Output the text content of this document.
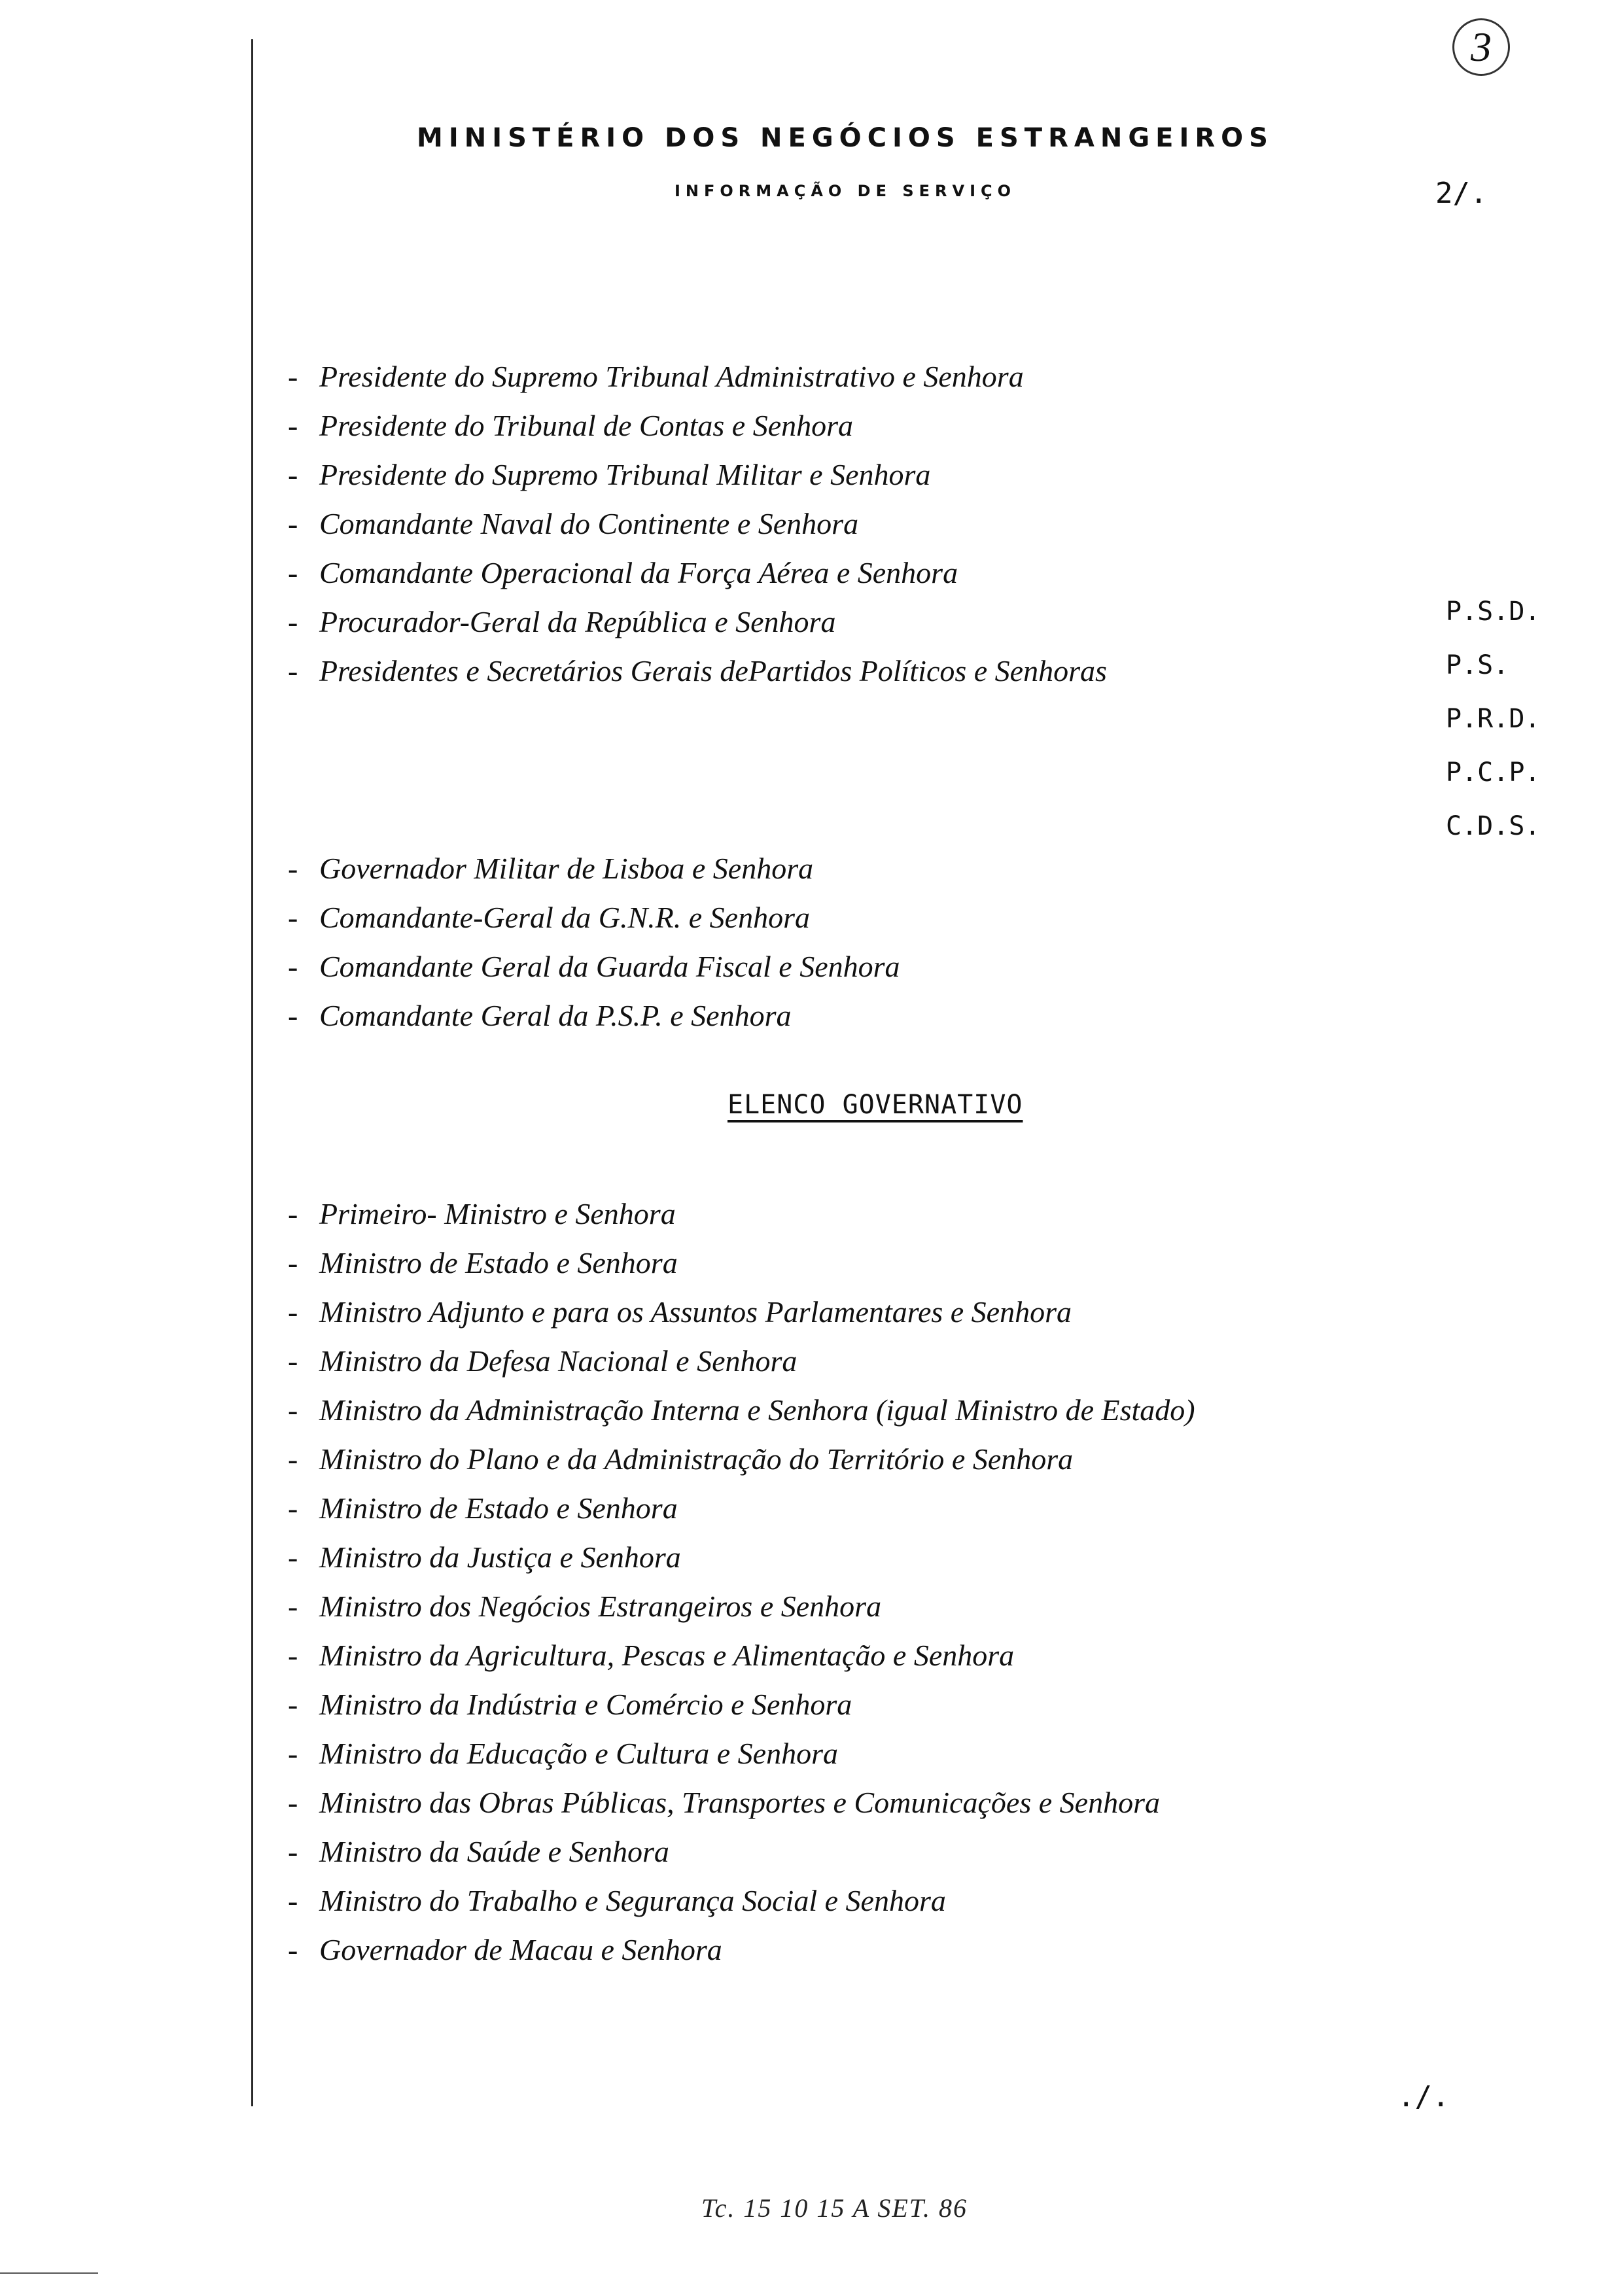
3
MINISTÉRIO DOS NEGÓCIOS ESTRANGEIROS
INFORMAÇÃO DE SERVIÇO	2/.
- Presidente do Supremo Tribunal Administrativo e Senhora
- Presidente do Tribunal de Contas e Senhora
- Presidente do Supremo Tribunal Militar e Senhora
- Comandante Naval do Continente e Senhora
- Comandante Operacional da Força Aérea e Senhora
- Procurador-Geral da República e Senhora
- Presidentes e Secretários Gerais dePartidos Políticos e Senhoras
P.S.D.
P.S.
P.R.D.
P.C.P.
C.D.S.
- Governador Militar de Lisboa e Senhora
- Comandante-Geral da G.N.R. e Senhora
- Comandante Geral da Guarda Fiscal e Senhora
- Comandante Geral da P.S.P. e Senhora
ELENCO GOVERNATIVO
- Primeiro- Ministro e Senhora
- Ministro de Estado e Senhora
- Ministro Adjunto e para os Assuntos Parlamentares e Senhora
- Ministro da Defesa Nacional e Senhora
- Ministro da Administração Interna e Senhora (igual Ministro de Estado)
- Ministro do Plano e da Administração do Território e Senhora
- Ministro de Estado e Senhora
- Ministro da Justiça e Senhora
- Ministro dos Negócios Estrangeiros e Senhora
- Ministro da Agricultura, Pescas e Alimentação e Senhora
- Ministro da Indústria e Comércio e Senhora
- Ministro da Educação e Cultura e Senhora
- Ministro das Obras Públicas, Transportes e Comunicações e Senhora
- Ministro da Saúde e Senhora
- Ministro do Trabalho e Segurança Social e Senhora
- Governador de Macau e Senhora
./.
Tc. 15 10 15 A SET. 86
